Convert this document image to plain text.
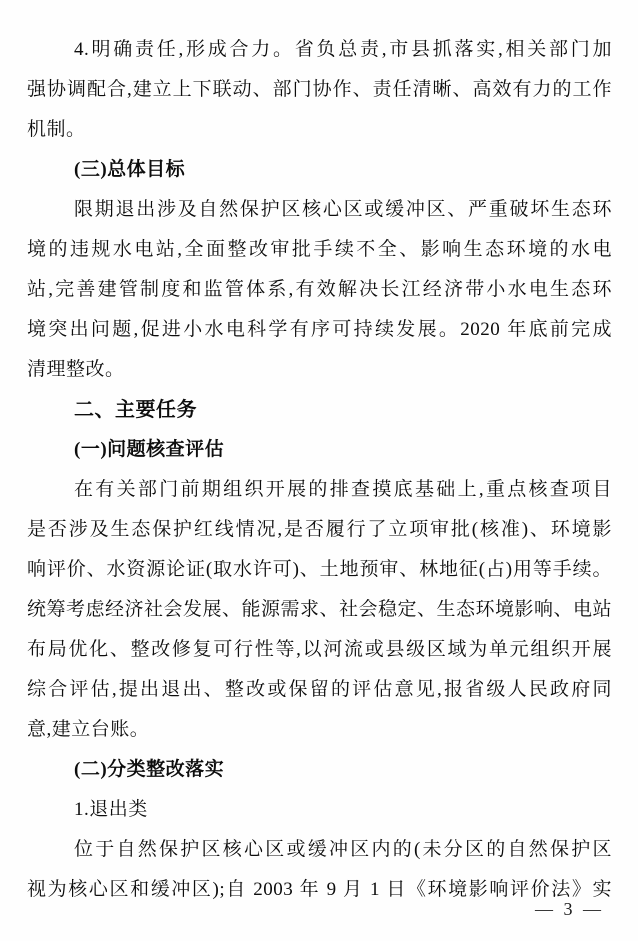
4.明确责任,形成合力。省负总责,市县抓落实,相关部门加
强协调配合,建立上下联动、部门协作、责任清晰、高效有力的工作
机制。
(三)总体目标
限期退出涉及自然保护区核心区或缓冲区、严重破坏生态环
境的违规水电站,全面整改审批手续不全、影响生态环境的水电
站,完善建管制度和监管体系,有效解决长江经济带小水电生态环
境突出问题,促进小水电科学有序可持续发展。2020 年底前完成
清理整改。
二、主要任务
(一)问题核查评估
在有关部门前期组织开展的排查摸底基础上,重点核查项目
是否涉及生态保护红线情况,是否履行了立项审批(核准)、环境影
响评价、水资源论证(取水许可)、土地预审、林地征(占)用等手续。
统筹考虑经济社会发展、能源需求、社会稳定、生态环境影响、电站
布局优化、整改修复可行性等,以河流或县级区域为单元组织开展
综合评估,提出退出、整改或保留的评估意见,报省级人民政府同
意,建立台账。
(二)分类整改落实
1.退出类
位于自然保护区核心区或缓冲区内的(未分区的自然保护区
视为核心区和缓冲区);自 2003 年 9 月 1 日《环境影响评价法》实
— 3 —
